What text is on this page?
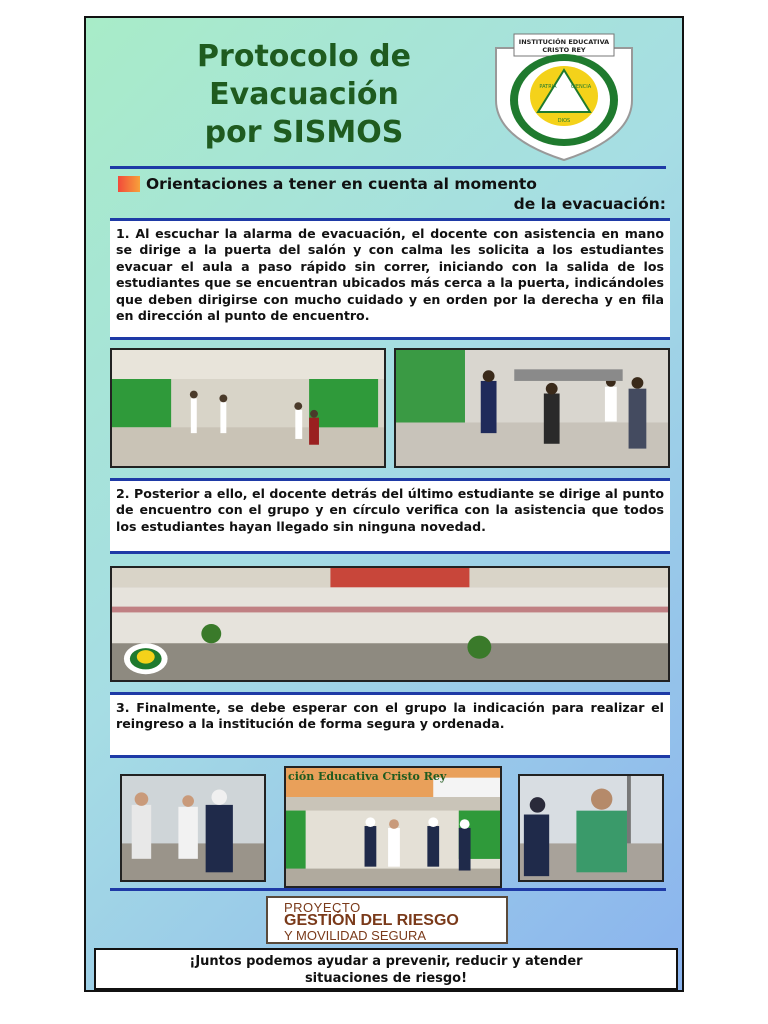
Protocolo de
Evacuación
por SISMOS
INSTITUCIÓN EDUCATIVA
CRISTO REY
PATRIA	CIENCIA
DIOS
Orientaciones a tener en cuenta al momento
de la evacuación:
1. Al escuchar la alarma de evacuación, el docente con asistencia en mano se dirige a la puerta del salón y con calma les solicita a los estudiantes evacuar el aula a paso rápido sin correr, iniciando con la salida de los estudiantes que se encuentran ubicados más cerca a la puerta, indicándoles que deben dirigirse con mucho cuidado y en orden por la derecha y en fila en dirección al punto de encuentro.
2. Posterior a ello, el docente detrás del último estudiante se dirige al punto de encuentro con el grupo y en círculo verifica con la asistencia que todos los estudiantes hayan llegado sin ninguna novedad.
3. Finalmente, se debe esperar con el grupo la indicación para realizar el reingreso a la institución de forma segura y ordenada.
ción Educativa Cristo Rey
PROYECTO
GESTIÓN DEL RIESGO
Y MOVILIDAD SEGURA
¡Juntos podemos ayudar a prevenir, reducir y atender
situaciones de riesgo!
